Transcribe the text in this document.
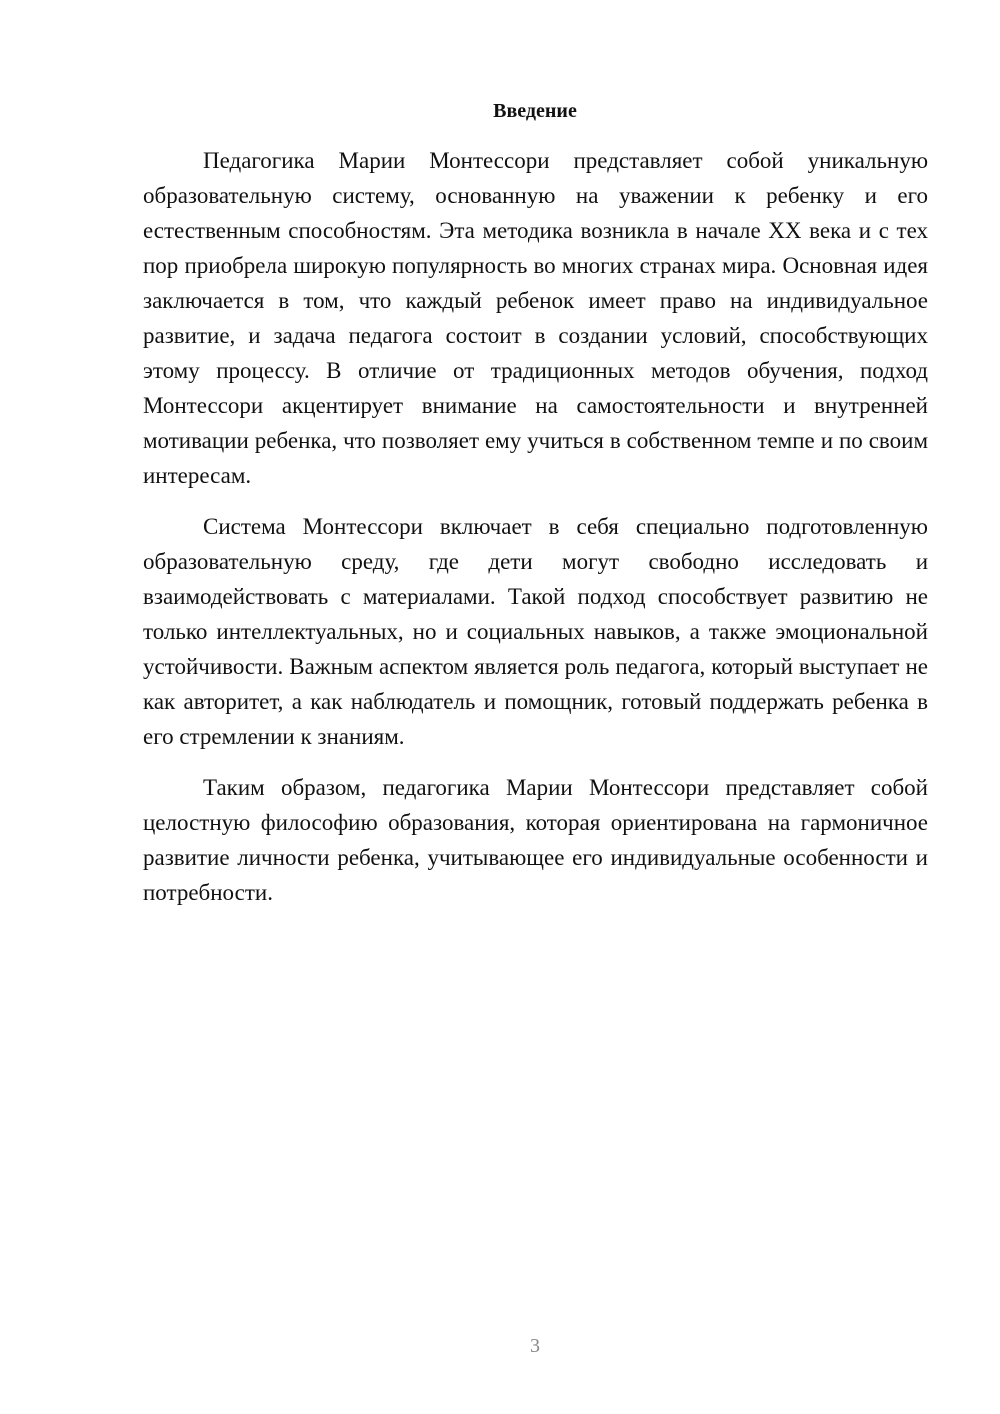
Введение

Педагогика Марии Монтессори представляет собой уникальную образовательную систему, основанную на уважении к ребенку и его естественным способностям. Эта методика возникла в начале XX века и с тех пор приобрела широкую популярность во многих странах мира. Основная идея заключается в том, что каждый ребенок имеет право на индивидуальное развитие, и задача педагога состоит в создании условий, способствующих этому процессу. В отличие от традиционных методов обучения, подход Монтессори акцентирует внимание на самостоятельности и внутренней мотивации ребенка, что позволяет ему учиться в собственном темпе и по своим интересам.

Система Монтессори включает в себя специально подготовленную образовательную среду, где дети могут свободно исследовать и взаимодействовать с материалами. Такой подход способствует развитию не только интеллектуальных, но и социальных навыков, а также эмоциональной устойчивости. Важным аспектом является роль педагога, который выступает не как авторитет, а как наблюдатель и помощник, готовый поддержать ребенка в его стремлении к знаниям.

Таким образом, педагогика Марии Монтессори представляет собой целостную философию образования, которая ориентирована на гармоничное развитие личности ребенка, учитывающее его индивидуальные особенности и потребности.

3
